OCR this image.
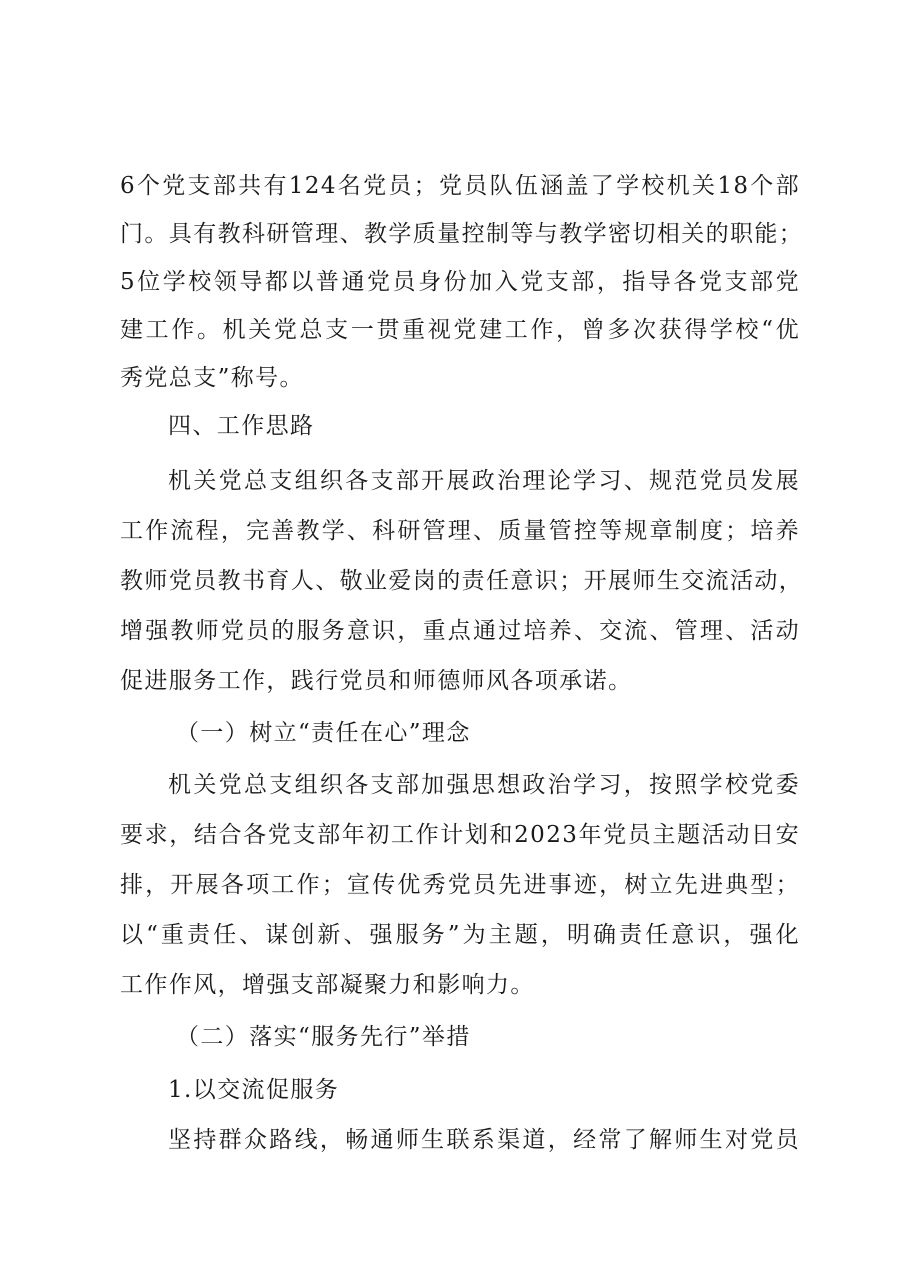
6个党支部共有124名党员；党员队伍涵盖了学校机关18个部
门。具有教科研管理、教学质量控制等与教学密切相关的职能；
5位学校领导都以普通党员身份加入党支部，指导各党支部党
建工作。机关党总支一贯重视党建工作，曾多次获得学校“优
秀党总支”称号。
四、工作思路
机关党总支组织各支部开展政治理论学习、规范党员发展
工作流程，完善教学、科研管理、质量管控等规章制度；培养
教师党员教书育人、敬业爱岗的责任意识；开展师生交流活动，
增强教师党员的服务意识，重点通过培养、交流、管理、活动
促进服务工作，践行党员和师德师风各项承诺。
（一）树立“责任在心”理念
机关党总支组织各支部加强思想政治学习，按照学校党委
要求，结合各党支部年初工作计划和2023年党员主题活动日安
排，开展各项工作；宣传优秀党员先进事迹，树立先进典型；
以“重责任、谋创新、强服务”为主题，明确责任意识，强化
工作作风，增强支部凝聚力和影响力。
（二）落实“服务先行”举措
1.以交流促服务
坚持群众路线，畅通师生联系渠道，经常了解师生对党员
